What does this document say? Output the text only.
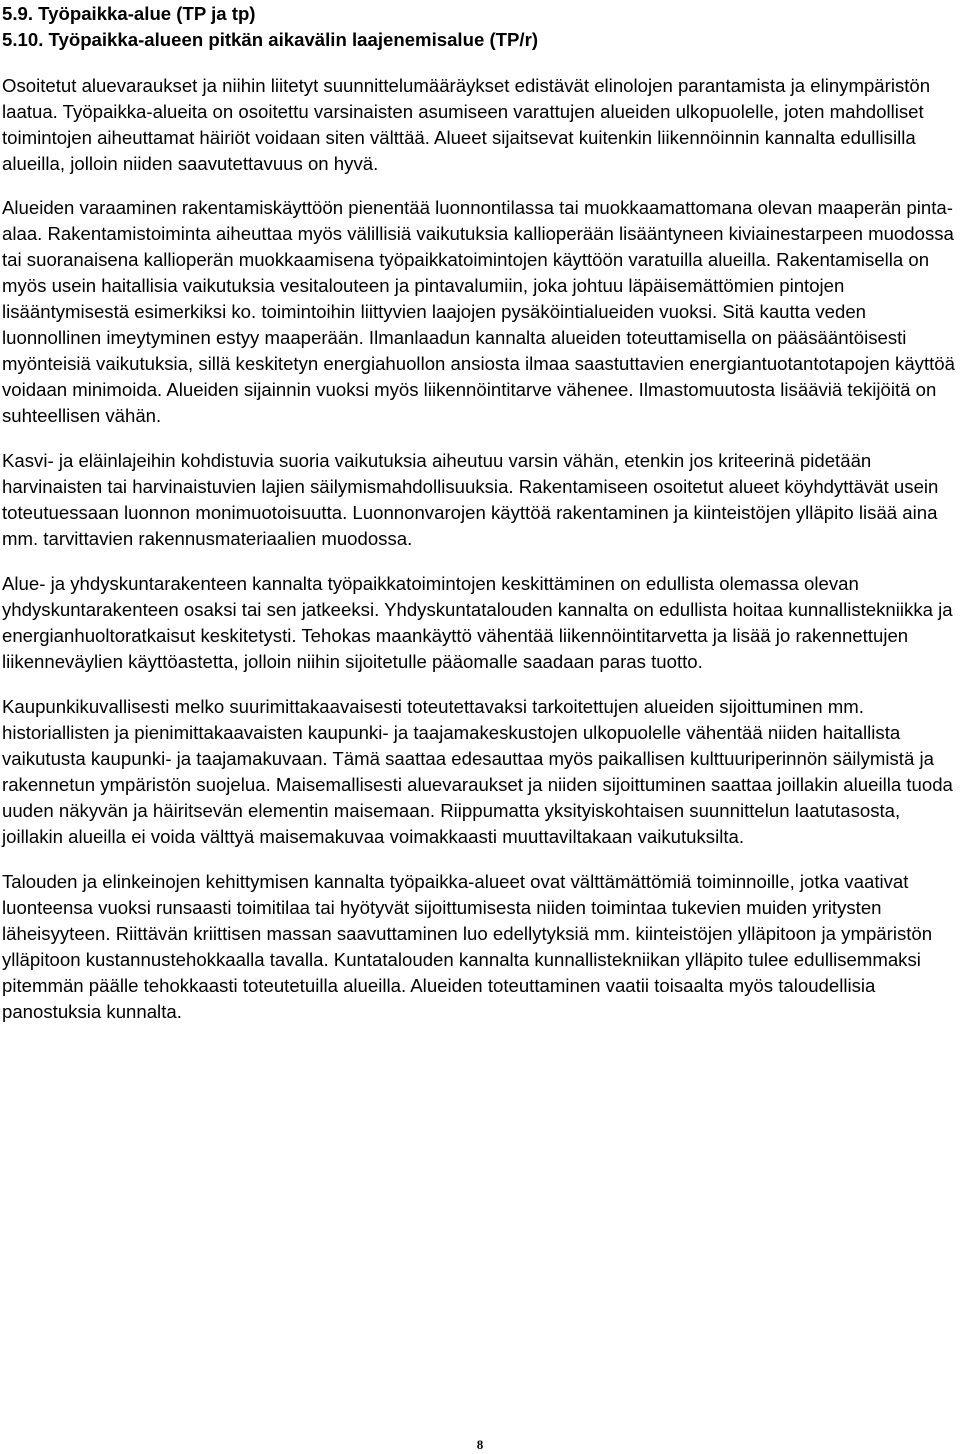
5.9. Työpaikka-alue (TP ja tp)

5.10. Työpaikka-alueen pitkän aikavälin laajenemisalue (TP/r)

Osoitetut aluevaraukset ja niihin liitetyt suunnittelumääräykset edistävät elinolojen parantamista ja elinympäristön laatua. Työpaikka-alueita on osoitettu varsinaisten asumiseen varattujen alueiden ulkopuolelle, joten mahdolliset toimintojen aiheuttamat häiriöt voidaan siten välttää. Alueet sijaitsevat kuitenkin liikennöinnin kannalta edullisilla alueilla, jolloin niiden saavutettavuus on hyvä.

Alueiden varaaminen rakentamiskäyttöön pienentää luonnontilassa tai muokkaamattomana olevan maaperän pinta-alaa. Rakentamistoiminta aiheuttaa myös välillisiä vaikutuksia kallioperään lisääntyneen kiviainestarpeen muodossa tai suoranaisena kallioperän muokkaamisena työpaikkatoimintojen käyttöön varatuilla alueilla. Rakentamisella on myös usein haitallisia vaikutuksia vesitalouteen ja pintavalumiin, joka johtuu läpäisemättömien pintojen lisääntymisestä esimerkiksi ko. toimintoihin liittyvien laajojen pysäköintialueiden vuoksi. Sitä kautta veden luonnollinen imeytyminen estyy maaperään. Ilmanlaadun kannalta alueiden toteuttamisella on pääsääntöisesti myönteisiä vaikutuksia, sillä keskitetyn energiahuollon ansiosta ilmaa saastuttavien energiantuotantotapojen käyttöä voidaan minimoida. Alueiden sijainnin vuoksi myös liikennöintitarve vähenee. Ilmastomuutosta lisääviä tekijöitä on suhteellisen vähän.

Kasvi- ja eläinlajeihin kohdistuvia suoria vaikutuksia aiheutuu varsin vähän, etenkin jos kriteerinä pidetään harvinaisten tai harvinaistuvien lajien säilymismahdollisuuksia. Rakentamiseen osoitetut alueet köyhdyttävät usein toteutuessaan luonnon monimuotoisuutta. Luonnonvarojen käyttöä rakentaminen ja kiinteistöjen ylläpito lisää aina mm. tarvittavien rakennusmateriaalien muodossa.

Alue- ja yhdyskuntarakenteen kannalta työpaikkatoimintojen keskittäminen on edullista olemassa olevan yhdyskuntarakenteen osaksi tai sen jatkeeksi. Yhdyskuntatalouden kannalta on edullista hoitaa kunnallistekniikka ja energianhuoltoratkaisut keskitetysti. Tehokas maankäyttö vähentää liikennöintitarvetta ja lisää jo rakennettujen liikenneväylien käyttöastetta, jolloin niihin sijoitetulle pääomalle saadaan paras tuotto.

Kaupunkikuvallisesti melko suurimittakaavaisesti toteutettavaksi tarkoitettujen alueiden sijoittuminen mm. historiallisten ja pienimittakaavaisten kaupunki- ja taajamakeskustojen ulkopuolelle vähentää niiden haitallista vaikutusta kaupunki- ja taajamakuvaan. Tämä saattaa edesauttaa myös paikallisen kulttuuriperinnön säilymistä ja rakennetun ympäristön suojelua. Maisemallisesti aluevaraukset ja niiden sijoittuminen saattaa joillakin alueilla tuoda uuden näkyvän ja häiritsevän elementin maisemaan. Riippumatta yksityiskohtaisen suunnittelun laatutasosta, joillakin alueilla ei voida välttyä maisemakuvaa voimakkaasti muuttaviltakaan vaikutuksilta.

Talouden ja elinkeinojen kehittymisen kannalta työpaikka-alueet ovat välttämättömiä toiminnoille, jotka vaativat luonteensa vuoksi runsaasti toimitilaa tai hyötyvät sijoittumisesta niiden toimintaa tukevien muiden yritysten läheisyyteen. Riittävän kriittisen massan saavuttaminen luo edellytyksiä mm. kiinteistöjen ylläpitoon ja ympäristön ylläpitoon kustannustehokkaalla tavalla. Kuntatalouden kannalta kunnallistekniikan ylläpito tulee edullisemmaksi pitemmän päälle tehokkaasti toteutetuilla alueilla. Alueiden toteuttaminen vaatii toisaalta myös taloudellisia panostuksia kunnalta.

8
